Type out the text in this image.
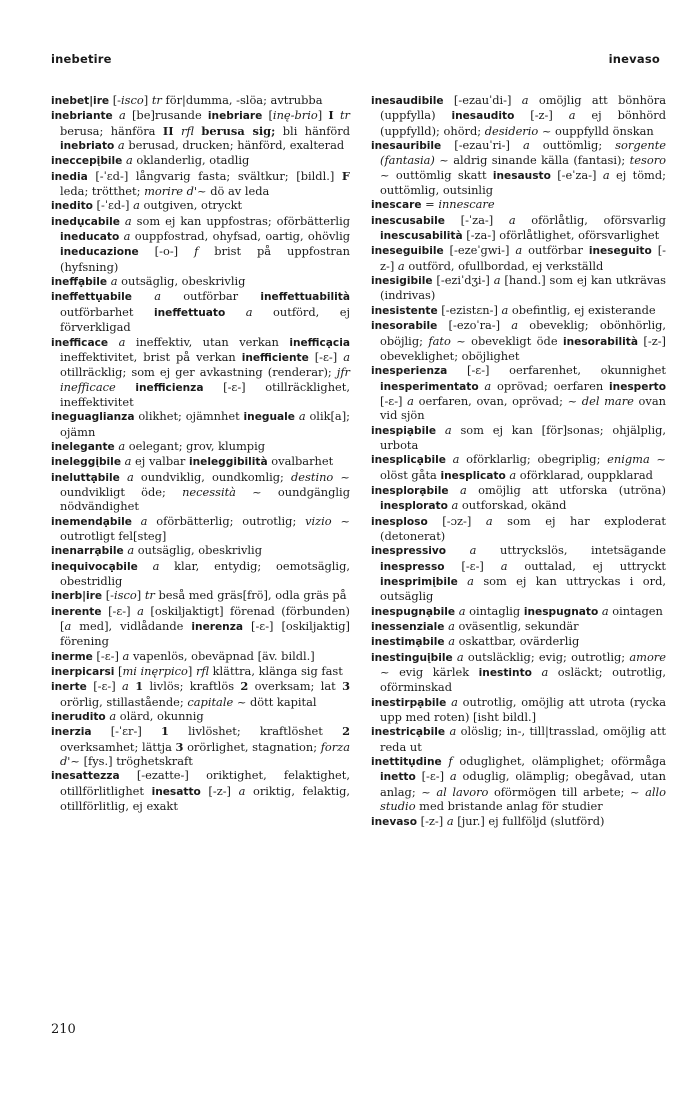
inebetire	inevaso

inebet|ire [-isco] tr för|dumma, -slöa; avtrubba

inebriante a [be]rusande inebriare [inę-brio] I tr berusa; hänföra II rfl berusa sig; bli hänförd inebriato a berusad, drucken; hänförd, exalterad

ineccepįbile a oklanderlig, otadlig

inedia [-ˈɛd-] långvarig fasta; svältkur; [bildl.] F leda; trötthet; morire d'~ dö av leda

inedito [-ˈɛd-] a outgiven, otryckt

inedụcabile a som ej kan uppfostras; oförbätterlig ineducato a ouppfostrad, ohyfsad, oartig, ohövlig ineducazione [-o-] f brist på uppfostran (hyfsning)

ineffạbile a outsäglig, obeskrivlig

ineffettụabile a outförbar ineffettuabilità outförbarhet ineffettuato a outförd, ej förverkligad

inefficace a ineffektiv, utan verkan inefficạcia ineffektivitet, brist på verkan inefficiente [-ɛ-] a otillräcklig; som ej ger avkastning (renderar); jfr inefficace inefficienza [-ɛ-] otillräcklighet, ineffektivitet

ineguaglianza olikhet; ojämnhet ineguale a olik[a]; ojämn

inelegante a oelegant; grov, klumpig

ineleggįbile a ej valbar ineleggibilità ovalbarhet

ineluttạbile a oundviklig, oundkomlig; destino ~ oundvikligt öde; necessità ~ oundgänglig nödvändighet

inemendạbile a oförbätterlig; outrotlig; vizio ~ outrotligt fel[steg]

inenarrạbile a outsäglig, obeskrivlig

inequivocạbile a klar, entydig; oemotsäglig, obestridlig

inerb|ire [-isco] tr beså med gräs[frö], odla gräs på

inerente [-ɛ-] a [oskiljaktigt] förenad (förbunden) [a med], vidlådande inerenza [-ɛ-] [oskiljaktig] förening

inerme [-ɛ-] a vapenlös, obeväpnad [äv. bildl.]

inerpicarsi [mi inęrpico] rfl klättra, klänga sig fast

inerte [-ɛ-] a 1 livlös; kraftlös 2 overksam; lat 3 orörlig, stillastående; capitale ~ dött kapital

inerudito a olärd, okunnig

inerzia [-ˈɛr-] 1 livlöshet; kraftlöshet 2 overksamhet; lättja 3 orörlighet, stagnation; forza d'~ [fys.] tröghetskraft

inesattezza [-ezatte-] oriktighet, felaktighet, otillförlitlighet inesatto [-z-] a oriktig, felaktig, otillförlitlig, ej exakt

inesaudibile [-ezauˈdi-] a omöjlig att bönhöra (uppfylla) inesaudito [-z-] a ej bönhörd (uppfylld); ohörd; desiderio ~ ouppfylld önskan

inesauribile [-ezauˈri-] a outtömlig; sorgente (fantasia) ~ aldrig sinande källa (fantasi); tesoro ~ outtömlig skatt inesausto [-eˈza-] a ej tömd; outtömlig, outsinlig

inescare = innescare

inescusabile [-ˈza-] a oförlåtlig, oförsvarlig inescusabilità [-za-] oförlåtlighet, oförsvarlighet

ineseguibile [-ezeˈgwi-] a outförbar ineseguito [-z-] a outförd, ofullbordad, ej verkställd

inesigibile [-eziˈdʒi-] a [hand.] som ej kan utkrävas (indrivas)

inesistente [-ezistɛn-] a obefintlig, ej existerande

inesorabile [-ezoˈra-] a obeveklig; obönhörlig, oböjlig; fato ~ obevekligt öde inesorabilità [-z-] obeveklighet; oböjlighet

inesperienza [-ɛ-] oerfarenhet, okunnighet inesperimentato a oprövad; oerfaren inesperto [-ɛ-] a oerfaren, ovan, oprövad; ~ del mare ovan vid sjön

inespiạbile a som ej kan [för]sonas; ohjälplig, urbota

inesplicạbile a oförklarlig; obegriplig; enigma ~ olöst gåta inesplicato a oförklarad, ouppklarad

inesplorạbile a omöjlig att utforska (utröna) inesplorato a outforskad, okänd

inesploso [-ɔz-] a som ej har exploderat (detonerat)

inespressivo a uttryckslös, intetsägande inespresso [-ɛ-] a outtalad, ej uttryckt inesprimįbile a som ej kan uttryckas i ord, outsäglig

inespugnạbile a ointaglig inespugnato a ointagen

inessenziale a oväsentlig, sekundär

inestimạbile a oskattbar, ovärderlig

inestinguįbile a outsläcklig; evig; outrotlig; amore ~ evig kärlek inestinto a osläckt; outrotlig, oförminskad

inestirpạbile a outrotlig, omöjlig att utrota (rycka upp med roten) [isht bildl.]

inestricạbile a olöslig; in-, till|trasslad, omöjlig att reda ut

inettitụdine f oduglighet, olämplighet; oförmåga inetto [-ɛ-] a oduglig, olämplig; obegåvad, utan anlag; ~ al lavoro oförmögen till arbete; ~ allo studio med bristande anlag för studier

inevaso [-z-] a [jur.] ej fullföljd (slutförd)

210
